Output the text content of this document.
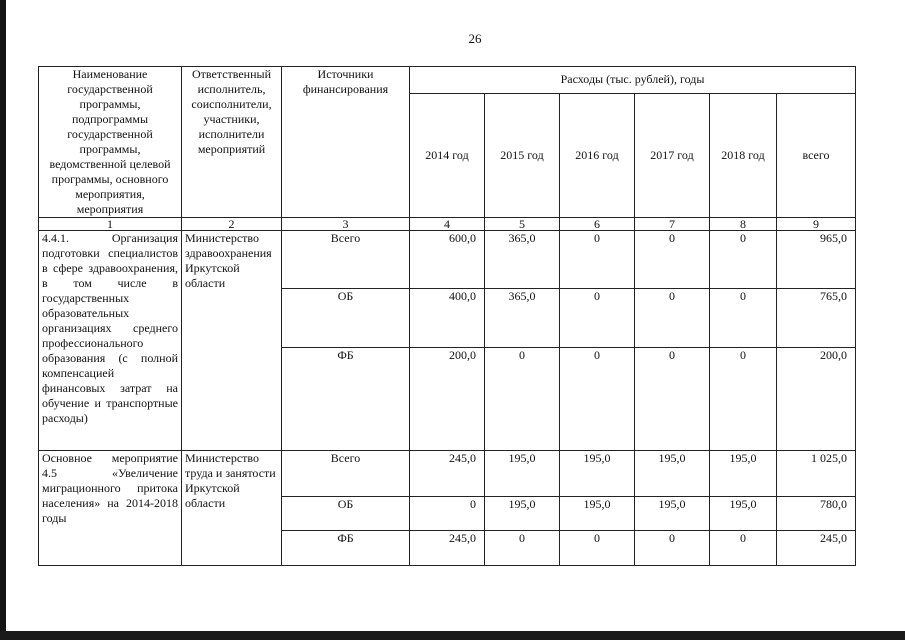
26
Наименование государственной программы, подпрограммы государственной программы, ведомственной целевой программы, основного мероприятия, мероприятия	Ответственный исполнитель, соисполнители, участники, исполнители мероприятий	Источники финансирования	Расходы (тыс. рублей), годы					
			2014 год	2015 год	2016 год	2017 год	2018 год	всего
1	2	3	4	5	6	7	8	9
4.4.1. Организация подготовки специалистов в сфере здравоохранения, в том числе в государственных образовательных организациях среднего профессионального образования (с полной компенсацией финансовых затрат на обучение и транспортные расходы)	Министерство здравоохранения Иркутской области	Всего	600,0	365,0	0	0	0	965,0
		ОБ	400,0	365,0	0	0	0	765,0
		ФБ	200,0	0	0	0	0	200,0
Основное мероприятие 4.5 «Увеличение миграционного притока населения» на 2014-2018 годы	Министерство труда и занятости Иркутской области	Всего	245,0	195,0	195,0	195,0	195,0	1 025,0
		ОБ	0	195,0	195,0	195,0	195,0	780,0
		ФБ	245,0	0	0	0	0	245,0
